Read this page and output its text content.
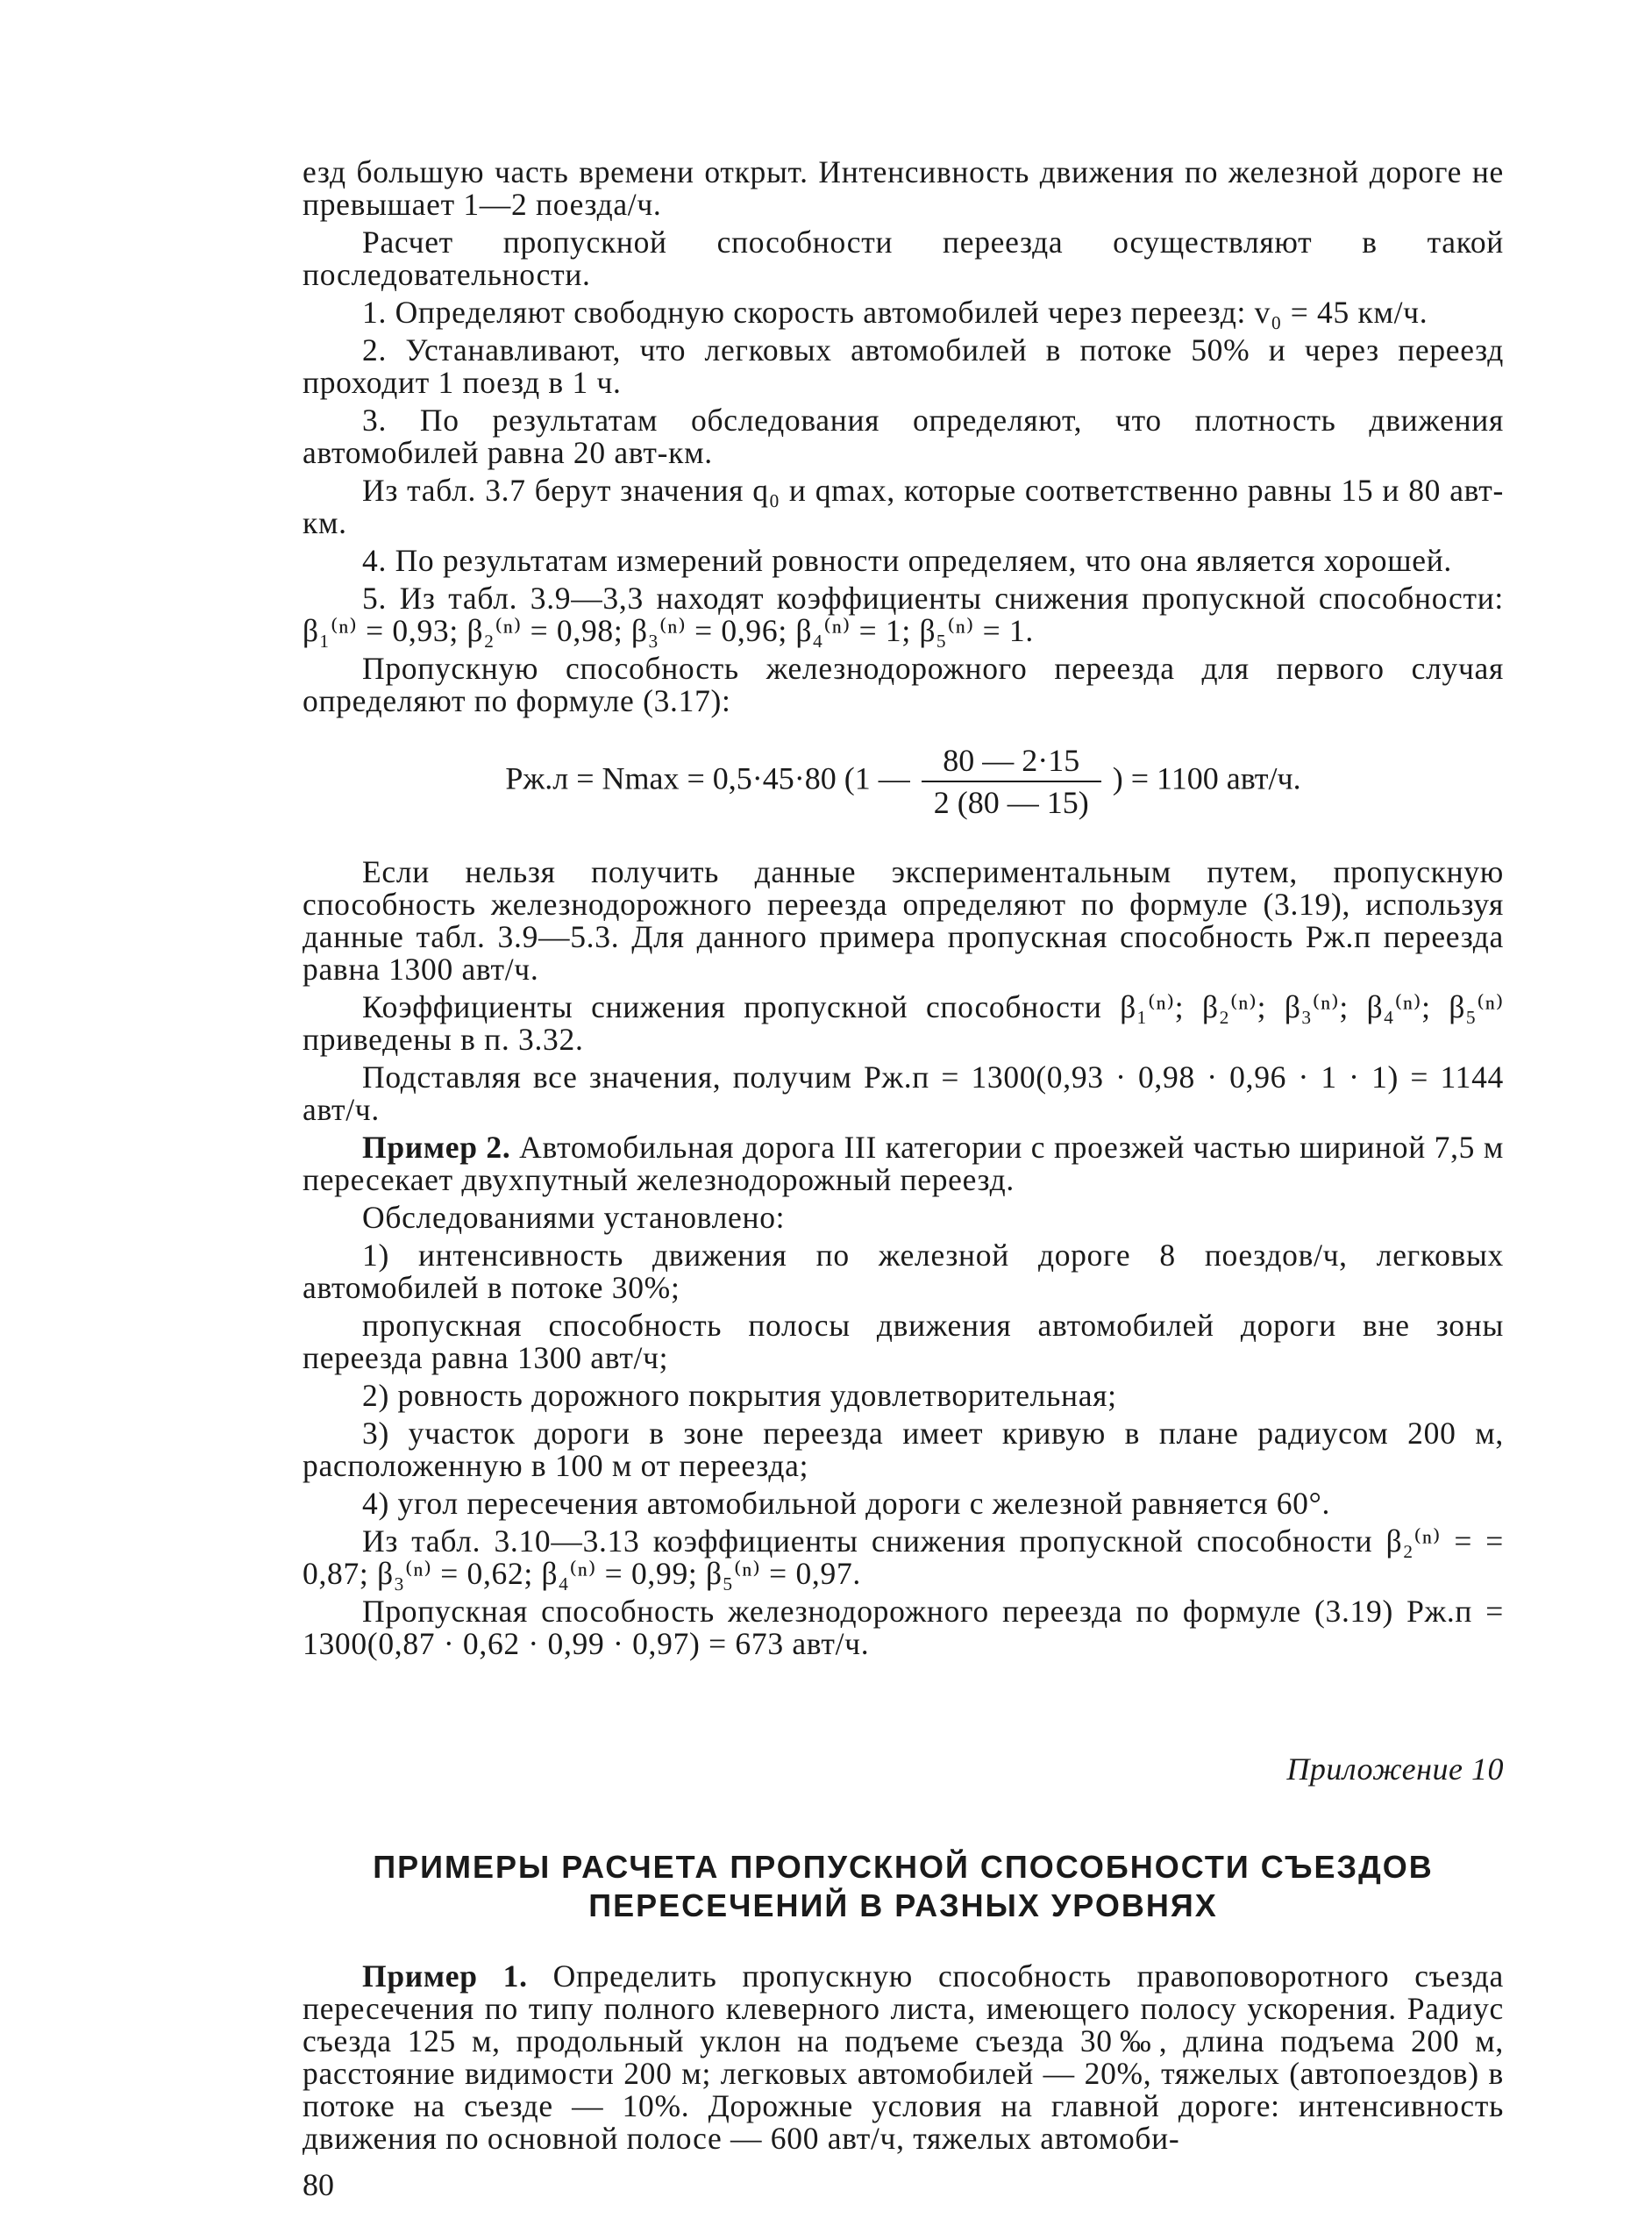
езд большую часть времени открыт. Интенсивность движения по железной дороге не превышает 1—2 поезда/ч.

Расчет пропускной способности переезда осуществляют в такой последовательности.

1. Определяют свободную скорость автомобилей через переезд: v₀ = 45 км/ч.

2. Устанавливают, что легковых автомобилей в потоке 50% и через переезд проходит 1 поезд в 1 ч.

3. По результатам обследования определяют, что плотность движения автомобилей равна 20 авт-км.

Из табл. 3.7 берут значения q₀ и qmax, которые соответственно равны 15 и 80 авт-км.

4. По результатам измерений ровности определяем, что она является хорошей.

5. Из табл. 3.9—3,3 находят коэффициенты снижения пропускной способности: β₁⁽ⁿ⁾ = 0,93; β₂⁽ⁿ⁾ = 0,98; β₃⁽ⁿ⁾ = 0,96; β₄⁽ⁿ⁾ = 1; β₅⁽ⁿ⁾ = 1.

Пропускную способность железнодорожного переезда для первого случая определяют по формуле (3.17):

Pж.л = Nmax = 0,5·45·80 (1 — $\frac{80 — 2\cdot 15}{2 (80 — 15)}$ ) = 1100 авт/ч.

Если нельзя получить данные экспериментальным путем, пропускную способность железнодорожного переезда определяют по формуле (3.19), используя данные табл. 3.9—5.3. Для данного примера пропускная способность Pж.п переезда равна 1300 авт/ч.

Коэффициенты снижения пропускной способности β₁⁽ⁿ⁾; β₂⁽ⁿ⁾; β₃⁽ⁿ⁾; β₄⁽ⁿ⁾; β₅⁽ⁿ⁾ приведены в п. 3.32.

Подставляя все значения, получим Pж.п = 1300(0,93 · 0,98 · 0,96 · 1 · 1) = 1144 авт/ч.

Пример 2. Автомобильная дорога III категории с проезжей частью шириной 7,5 м пересекает двухпутный железнодорожный переезд.

Обследованиями установлено:

1) интенсивность движения по железной дороге 8 поездов/ч, легковых автомобилей в потоке 30%;

пропускная способность полосы движения автомобилей дороги вне зоны переезда равна 1300 авт/ч;

2) ровность дорожного покрытия удовлетворительная;

3) участок дороги в зоне переезда имеет кривую в плане радиусом 200 м, расположенную в 100 м от переезда;

4) угол пересечения автомобильной дороги с железной равняется 60°.

Из табл. 3.10—3.13 коэффициенты снижения пропускной способности β₂⁽ⁿ⁾ = = 0,87; β₃⁽ⁿ⁾ = 0,62; β₄⁽ⁿ⁾ = 0,99; β₅⁽ⁿ⁾ = 0,97.

Пропускная способность железнодорожного переезда по формуле (3.19) Pж.п = 1300(0,87 · 0,62 · 0,99 · 0,97) = 673 авт/ч.

Приложение 10
ПРИМЕРЫ РАСЧЕТА ПРОПУСКНОЙ СПОСОБНОСТИ СЪЕЗДОВ
ПЕРЕСЕЧЕНИЙ В РАЗНЫХ УРОВНЯХ

Пример 1. Определить пропускную способность правоповоротного съезда пересечения по типу полного клеверного листа, имеющего полосу ускорения. Радиус съезда 125 м, продольный уклон на подъеме съезда 30‰, длина подъема 200 м, расстояние видимости 200 м; легковых автомобилей — 20%, тяжелых (автопоездов) в потоке на съезде — 10%. Дорожные условия на главной дороге: интенсивность движения по основной полосе — 600 авт/ч, тяжелых автомоби-

80
